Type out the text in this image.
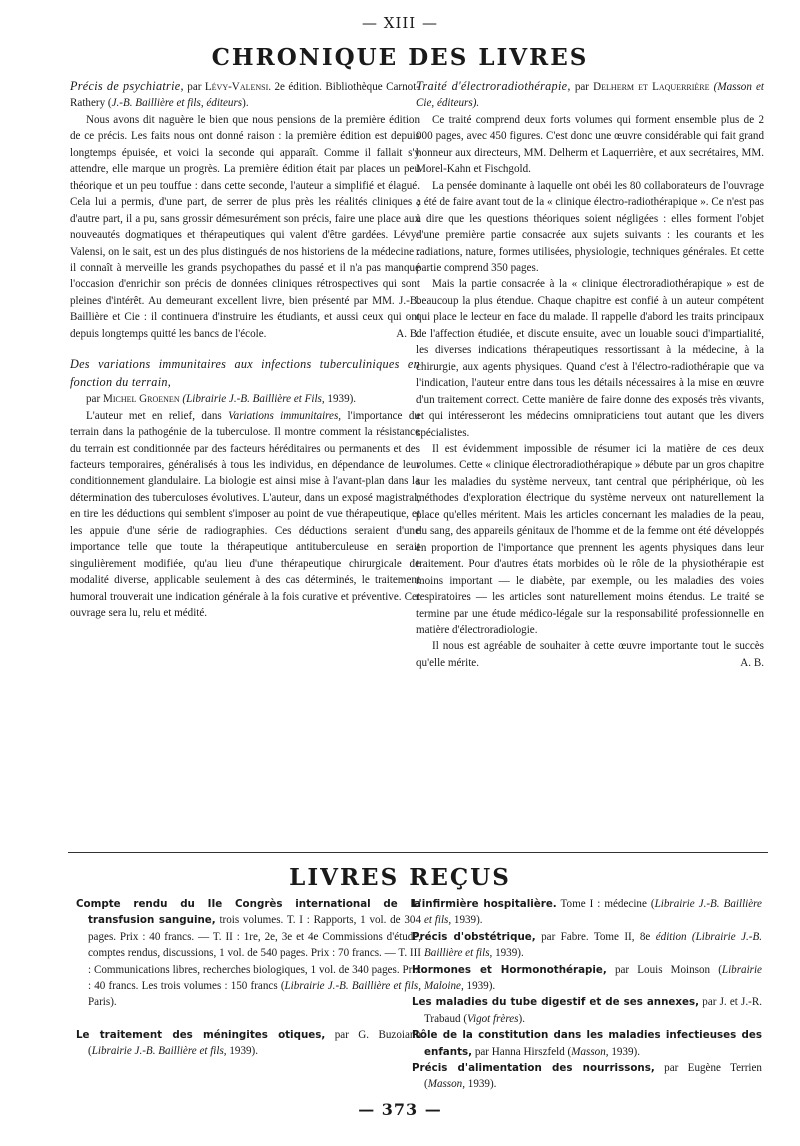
— XIII —
CHRONIQUE DES LIVRES

Précis de psychiatrie, par Lévy-Valensi. 2e édition. Bibliothèque Carnot-Rathery (J.-B. Baillière et fils, éditeurs).

Nous avons dit naguère le bien que nous pensions de la première édition de ce précis. Les faits nous ont donné raison : la première édition est depuis longtemps épuisée, et voici la seconde qui apparaît. Comme il fallait s'y attendre, elle marque un progrès. La première édition était par places un peu théorique et un peu touffue : dans cette seconde, l'auteur a simplifié et élagué. Cela lui a permis, d'une part, de serrer de plus près les réalités cliniques ; d'autre part, il a pu, sans grossir démesurément son précis, faire une place aux nouveautés dogmatiques et thérapeutiques qui valent d'être gardées. Lévy-Valensi, on le sait, est un des plus distingués de nos historiens de la médecine : il connaît à merveille les grands psychopathes du passé et il n'a pas manqué l'occasion d'enrichir son précis de données cliniques rétrospectives qui sont pleines d'intérêt. Au demeurant excellent livre, bien présenté par MM. J.-B. Baillière et Cie : il continuera d'instruire les étudiants, et aussi ceux qui ont depuis longtemps quitté les bancs de l'école.	A. B.

Des variations immunitaires aux infections tuberculiniques en fonction du terrain,

par Michel Groenen (Librairie J.-B. Baillière et Fils, 1939).

L'auteur met en relief, dans Variations immunitaires, l'importance du terrain dans la pathogénie de la tuberculose. Il montre comment la résistance du terrain est conditionnée par des facteurs héréditaires ou permanents et des facteurs temporaires, généralisés à tous les individus, en dépendance de leur conditionnement glandulaire. La biologie est ainsi mise à l'avant-plan dans la détermination des tuberculoses évolutives. L'auteur, dans un exposé magistral, en tire les déductions qui semblent s'imposer au point de vue thérapeutique, et les appuie d'une série de radiographies. Ces déductions seraient d'une importance telle que toute la thérapeutique antituberculeuse en serait singulièrement modifiée, qu'au lieu d'une thérapeutique chirurgicale de modalité diverse, applicable seulement à des cas déterminés, le traitement humoral trouverait une indication générale à la fois curative et préventive. Cet ouvrage sera lu, relu et médité.

Traité d'électroradiothérapie, par Delherm et Laquerrière (Masson et Cie, éditeurs).

Ce traité comprend deux forts volumes qui forment ensemble plus de 2 000 pages, avec 450 figures. C'est donc une œuvre considérable qui fait grand honneur aux directeurs, MM. Delherm et Laquerrière, et aux secrétaires, MM. Morel-Kahn et Fischgold.

La pensée dominante à laquelle ont obéi les 80 collaborateurs de l'ouvrage a été de faire avant tout de la « clinique électro-radiothérapique ». Ce n'est pas à dire que les questions théoriques soient négligées : elles forment l'objet d'une première partie consacrée aux sujets suivants : les courants et les radiations, nature, formes utilisées, physiologie, techniques générales. Et cette partie comprend 350 pages.

Mais la partie consacrée à la « clinique électroradiothérapique » est de beaucoup la plus étendue. Chaque chapitre est confié à un auteur compétent qui place le lecteur en face du malade. Il rappelle d'abord les traits principaux de l'affection étudiée, et discute ensuite, avec un louable souci d'impartialité, les diverses indications thérapeutiques ressortissant à la médecine, à la chirurgie, aux agents physiques. Quand c'est à l'électro-radiothérapie que va l'indication, l'auteur entre dans tous les détails nécessaires à la mise en œuvre d'un traitement correct. Cette manière de faire donne des exposés très vivants, et qui intéresseront les médecins omnipraticiens tout autant que les divers spécialistes.

Il est évidemment impossible de résumer ici la matière de ces deux volumes. Cette « clinique électroradiothérapique » débute par un gros chapitre sur les maladies du système nerveux, tant central que périphérique, où les méthodes d'exploration électrique du système nerveux ont naturellement la place qu'elles méritent. Mais les articles concernant les maladies de la peau, du sang, des appareils génitaux de l'homme et de la femme ont été développés en proportion de l'importance que prennent les agents physiques dans leur traitement. Pour d'autres états morbides où le rôle de la physiothérapie est moins important — le diabète, par exemple, ou les maladies des voies respiratoires — les articles sont naturellement moins étendus. Le traité se termine par une étude médico-légale sur la responsabilité professionnelle en matière d'électroradiologie.

Il nous est agréable de souhaiter à cette œuvre importante tout le succès qu'elle mérite.	A. B.

LIVRES REÇUS

Compte rendu du IIe Congrès international de la transfusion sanguine, trois volumes. T. I : Rapports, 1 vol. de 304 pages. Prix : 40 francs. — T. II : 1re, 2e, 3e et 4e Commissions d'étude, comptes rendus, discussions, 1 vol. de 540 pages. Prix : 70 francs. — T. III : Communications libres, recherches biologiques, 1 vol. de 340 pages. Prix : 40 francs. Les trois volumes : 150 francs (Librairie J.-B. Baillière et fils, Paris).

Le traitement des méningites otiques, par G. Buzoianu (Librairie J.-B. Baillière et fils, 1939).

L'infirmière hospitalière. Tome I : médecine (Librairie J.-B. Baillière et fils, 1939).

Précis d'obstétrique, par Fabre. Tome II, 8e édition (Librairie J.-B. Baillière et fils, 1939).

Hormones et Hormonothérapie, par Louis Moinson (Librairie Maloine, 1939).

Les maladies du tube digestif et de ses annexes, par J. et J.-R. Trabaud (Vigot frères).

Rôle de la constitution dans les maladies infectieuses des enfants, par Hanna Hirszfeld (Masson, 1939).

Précis d'alimentation des nourrissons, par Eugène Terrien (Masson, 1939).

— 373 —
